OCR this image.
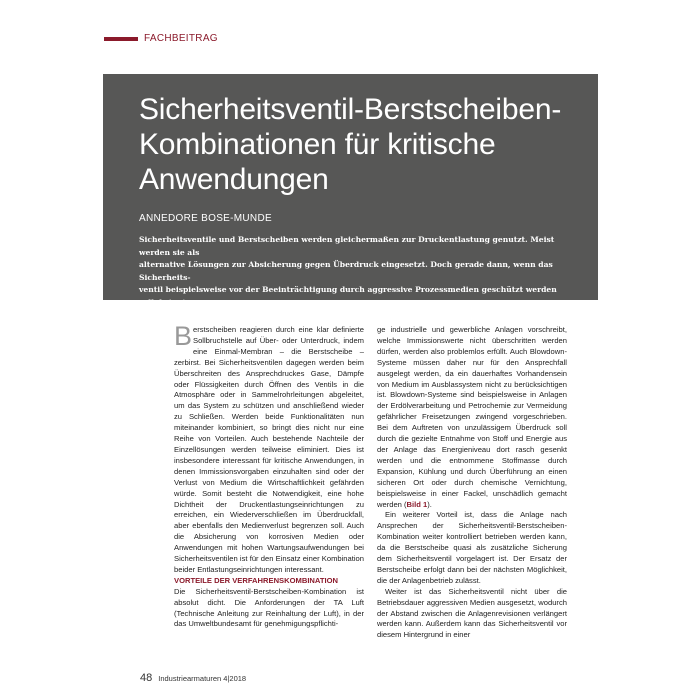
FACHBEITRAG
Sicherheitsventil-Berstscheiben-
Kombinationen für kritische
Anwendungen
ANNEDORE BOSE-MUNDE
Sicherheitsventile und Berstscheiben werden gleichermaßen zur Druckentlastung genutzt. Meist werden sie als
alternative Lösungen zur Absicherung gegen Überdruck eingesetzt. Doch gerade dann, wenn das Sicherheits-
ventil beispielsweise vor der Beeinträchtigung durch aggressive Prozessmedien geschützt werden soll, bringt
die Kombination beider Methoden viele Vorteile.

Berstscheiben reagieren durch eine klar definierte Sollbruchstelle auf Über- oder Unterdruck, indem eine Einmal-Membran – die Berstscheibe – zerbirst. Bei Sicherheitsventilen dagegen werden beim Überschreiten des Ansprechdruckes Gase, Dämpfe oder Flüssigkeiten durch Öffnen des Ventils in die Atmosphäre oder in Sammelrohrleitungen abgeleitet, um das System zu schützen und anschließend wieder zu Schließen. Werden beide Funktionalitäten nun miteinander kombiniert, so bringt dies nicht nur eine Reihe von Vorteilen. Auch bestehende Nachteile der Einzellösungen werden teilweise eliminiert. Dies ist insbesondere interessant für kritische Anwendungen, in denen Immissionsvorgaben einzuhalten sind oder der Verlust von Medium die Wirtschaftlichkeit gefährden würde. Somit besteht die Notwendigkeit, eine hohe Dichtheit der Druckentlastungseinrichtungen zu erreichen, ein Wiederverschließen im Überdruckfall, aber ebenfalls den Medienverlust begrenzen soll. Auch die Absicherung von korrosiven Medien oder Anwendungen mit hohen Wartungsaufwendungen bei Sicherheitsventilen ist für den Einsatz einer Kombination beider Entlastungseinrichtungen interessant.

VORTEILE DER VERFAHRENSKOMBINATION

Die Sicherheitsventil-Berstscheiben-Kombination ist absolut dicht. Die Anforderungen der TA Luft (Technische Anleitung zur Reinhaltung der Luft), in der das Umweltbundesamt für genehmigungspflichti-

ge industrielle und gewerbliche Anlagen vorschreibt, welche Immissionswerte nicht überschritten werden dürfen, werden also problemlos erfüllt. Auch Blowdown-Systeme müssen daher nur für den Ansprechfall ausgelegt werden, da ein dauerhaftes Vorhandensein von Medium im Ausblassystem nicht zu berücksichtigen ist. Blowdown-Systeme sind beispielsweise in Anlagen der Erdölverarbeitung und Petrochemie zur Vermeidung gefährlicher Freisetzungen zwingend vorgeschrieben. Bei dem Auftreten von unzulässigem Überdruck soll durch die gezielte Entnahme von Stoff und Energie aus der Anlage das Energieniveau dort rasch gesenkt werden und die entnommene Stoffmasse durch Expansion, Kühlung und durch Überführung an einen sicheren Ort oder durch chemische Vernichtung, beispielsweise in einer Fackel, unschädlich gemacht werden (Bild 1).

Ein weiterer Vorteil ist, dass die Anlage nach Ansprechen der Sicherheitsventil-Berstscheiben-Kombination weiter kontrolliert betrieben werden kann, da die Berstscheibe quasi als zusätzliche Sicherung dem Sicherheitsventil vorgelagert ist. Der Ersatz der Berstscheibe erfolgt dann bei der nächsten Möglichkeit, die der Anlagenbetrieb zulässt.

Weiter ist das Sicherheitsventil nicht über die Betriebsdauer aggressiven Medien ausgesetzt, wodurch der Abstand zwischen die Anlagenrevisionen verlängert werden kann. Außerdem kann das Sicherheitsventil vor diesem Hintergrund in einer

48 Industriearmaturen 4|2018
